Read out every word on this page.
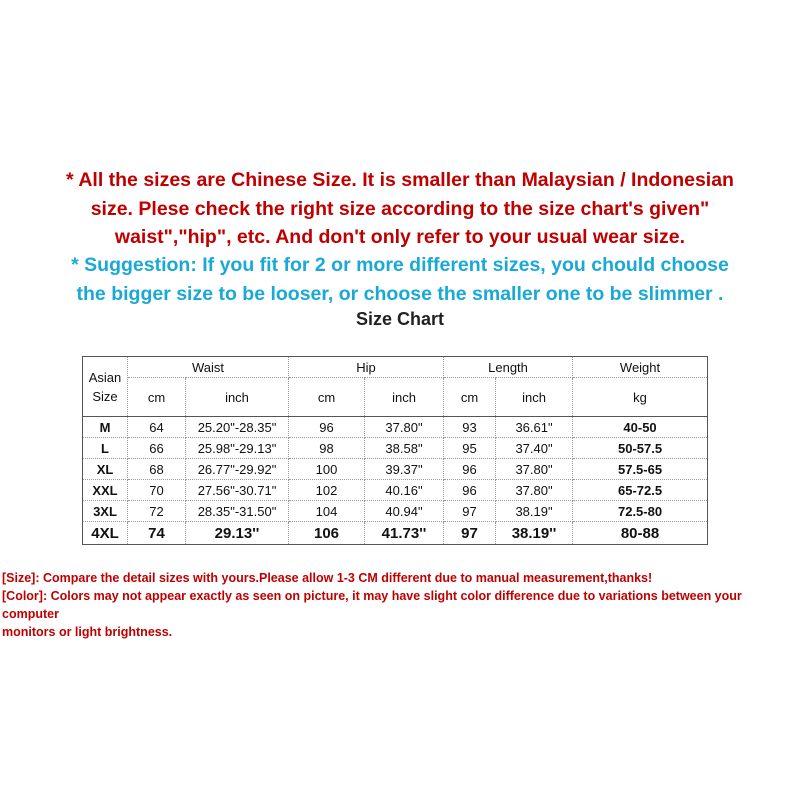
* All the sizes are Chinese Size. It is smaller than Malaysian / Indonesian
size. Plese check the right size according to the size chart's given"
waist","hip", etc. And don't only refer to your usual wear size.
* Suggestion: If you fit for 2 or more different sizes, you chould choose
the bigger size to be looser, or choose the smaller one to be slimmer .
Size Chart
Asian
Size	Waist		Hip		Length		Weight
	cm	inch	cm	inch	cm	inch	kg
M	64	25.20"-28.35"	96	37.80"	93	36.61"	40-50
L	66	25.98"-29.13"	98	38.58"	95	37.40"	50-57.5
XL	68	26.77"-29.92"	100	39.37"	96	37.80"	57.5-65
XXL	70	27.56"-30.71"	102	40.16"	96	37.80"	65-72.5
3XL	72	28.35"-31.50"	104	40.94"	97	38.19"	72.5-80
4XL	74	29.13''	106	41.73''	97	38.19''	80-88
[Size]: Compare the detail sizes with yours.Please allow 1-3 CM different due to manual measurement,thanks!
[Color]: Colors may not appear exactly as seen on picture, it may have slight color difference due to variations between your computer
monitors or light brightness.
